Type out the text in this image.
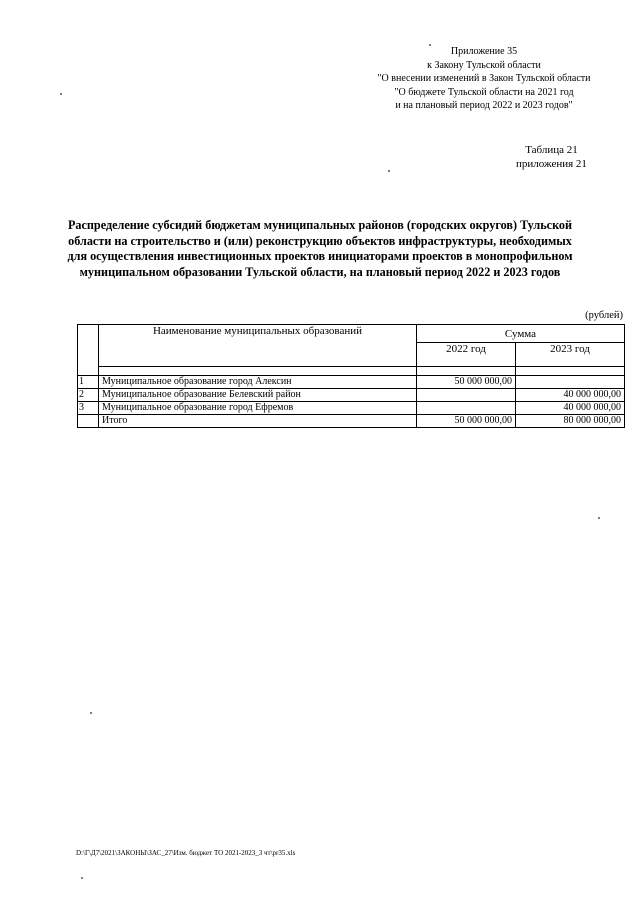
Приложение 35
к Закону Тульской области
"О внесении изменений в Закон Тульской области
"О бюджете Тульской области на 2021 год
и на плановый период 2022 и 2023 годов"
Таблица 21
приложения 21
Распределение субсидий бюджетам муниципальных районов (городских округов) Тульской области на строительство и (или) реконструкцию объектов инфраструктуры, необходимых для осуществления инвестиционных проектов инициаторами проектов в монопрофильном муниципальном образовании Тульской области, на плановый период 2022 и 2023 годов
(рублей)
	Наименование муниципальных образований	Сумма	
		2022 год	2023 год

1	Муниципальное образование город Алексин	50 000 000,00	
2	Муниципальное образование Белевский район		40 000 000,00
3	Муниципальное образование город Ефремов		40 000 000,00
	Итого	50 000 000,00	80 000 000,00
D:\Г\Д7\2021\ЗАКОНЫ\ЗАС_27\Изм. бюджет ТО 2021-2023_3 чт\pr35.xls
